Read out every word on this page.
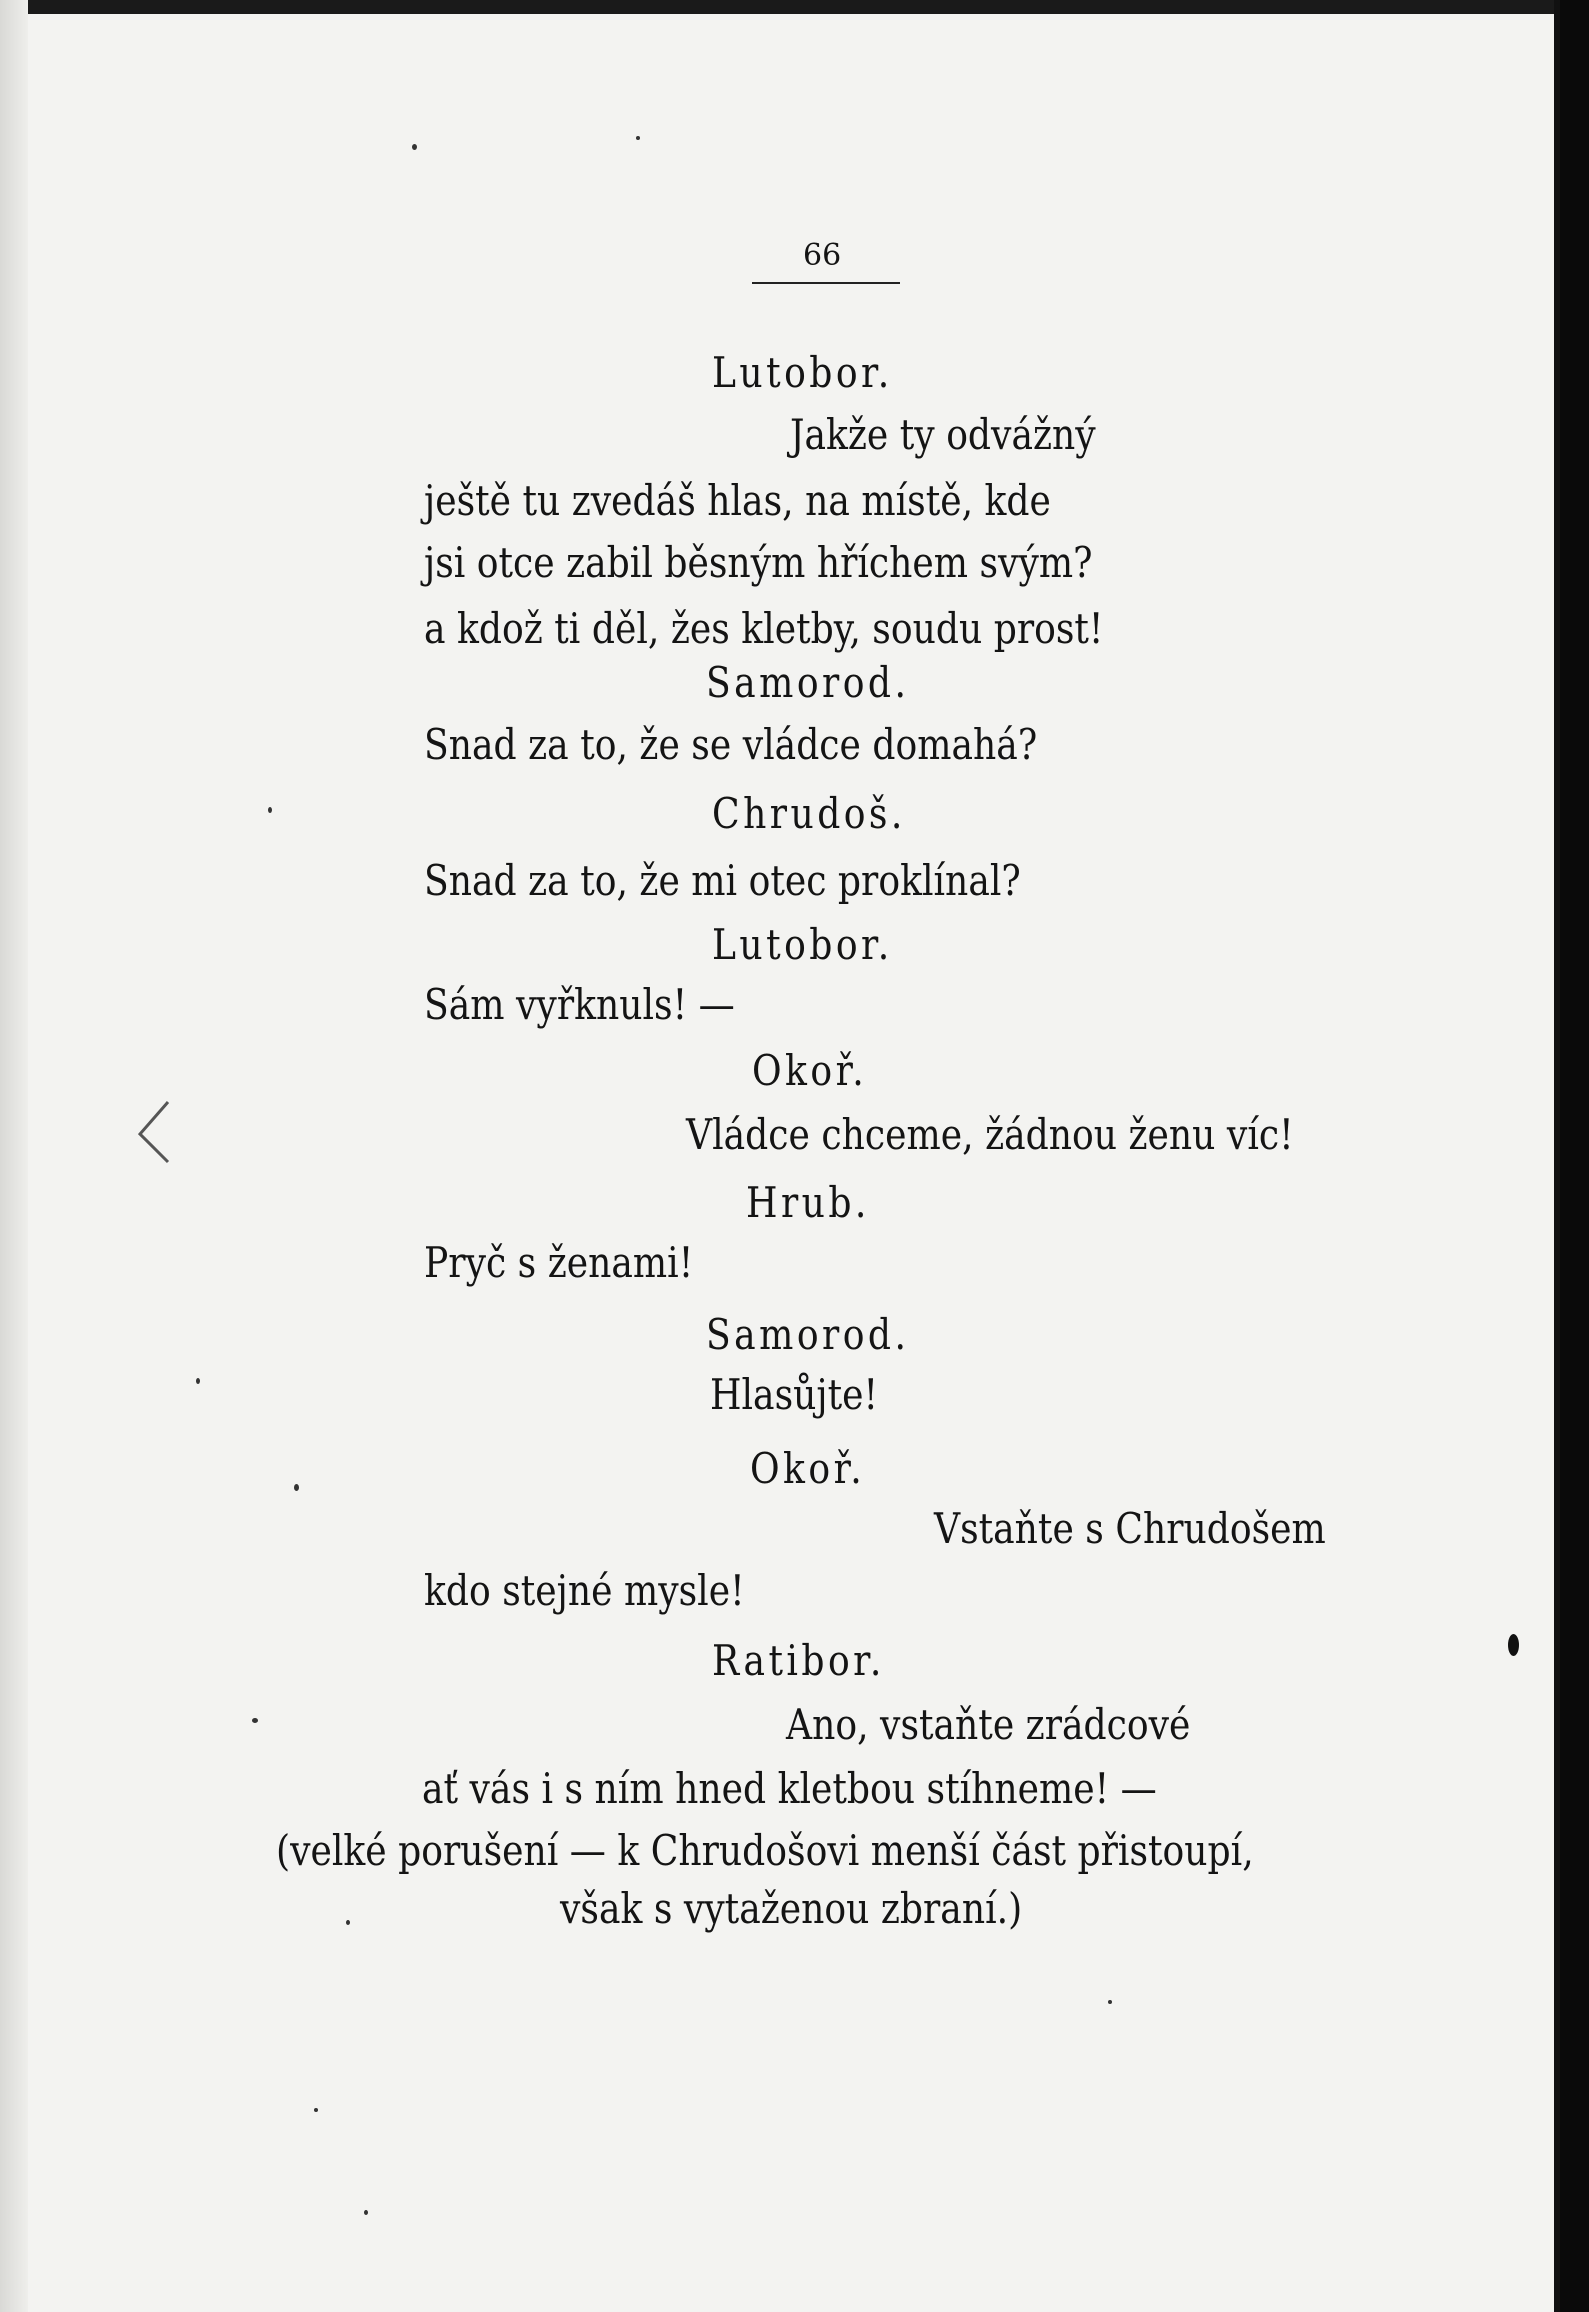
66
Lutobor.
Jakže ty odvážný
ještě tu zvedáš hlas, na místě, kde
jsi otce zabil běsným hříchem svým?
a kdož ti děl, žes kletby, soudu prost!
Samorod.
Snad za to, že se vládce domahá?
Chrudoš.
Snad za to, že mi otec proklínal?
Lutobor.
Sám vyřknuls! —
Okoř.
Vládce chceme, žádnou ženu víc!
Hrub.
Pryč s ženami!
Samorod.
Hlasůjte!
Okoř.
Vstaňte s Chrudošem
kdo stejné mysle!
Ratibor.
Ano, vstaňte zrádcové
ať vás i s ním hned kletbou stíhneme! —
(velké porušení — k Chrudošovi menší část přistoupí,
však s vytaženou zbraní.)
